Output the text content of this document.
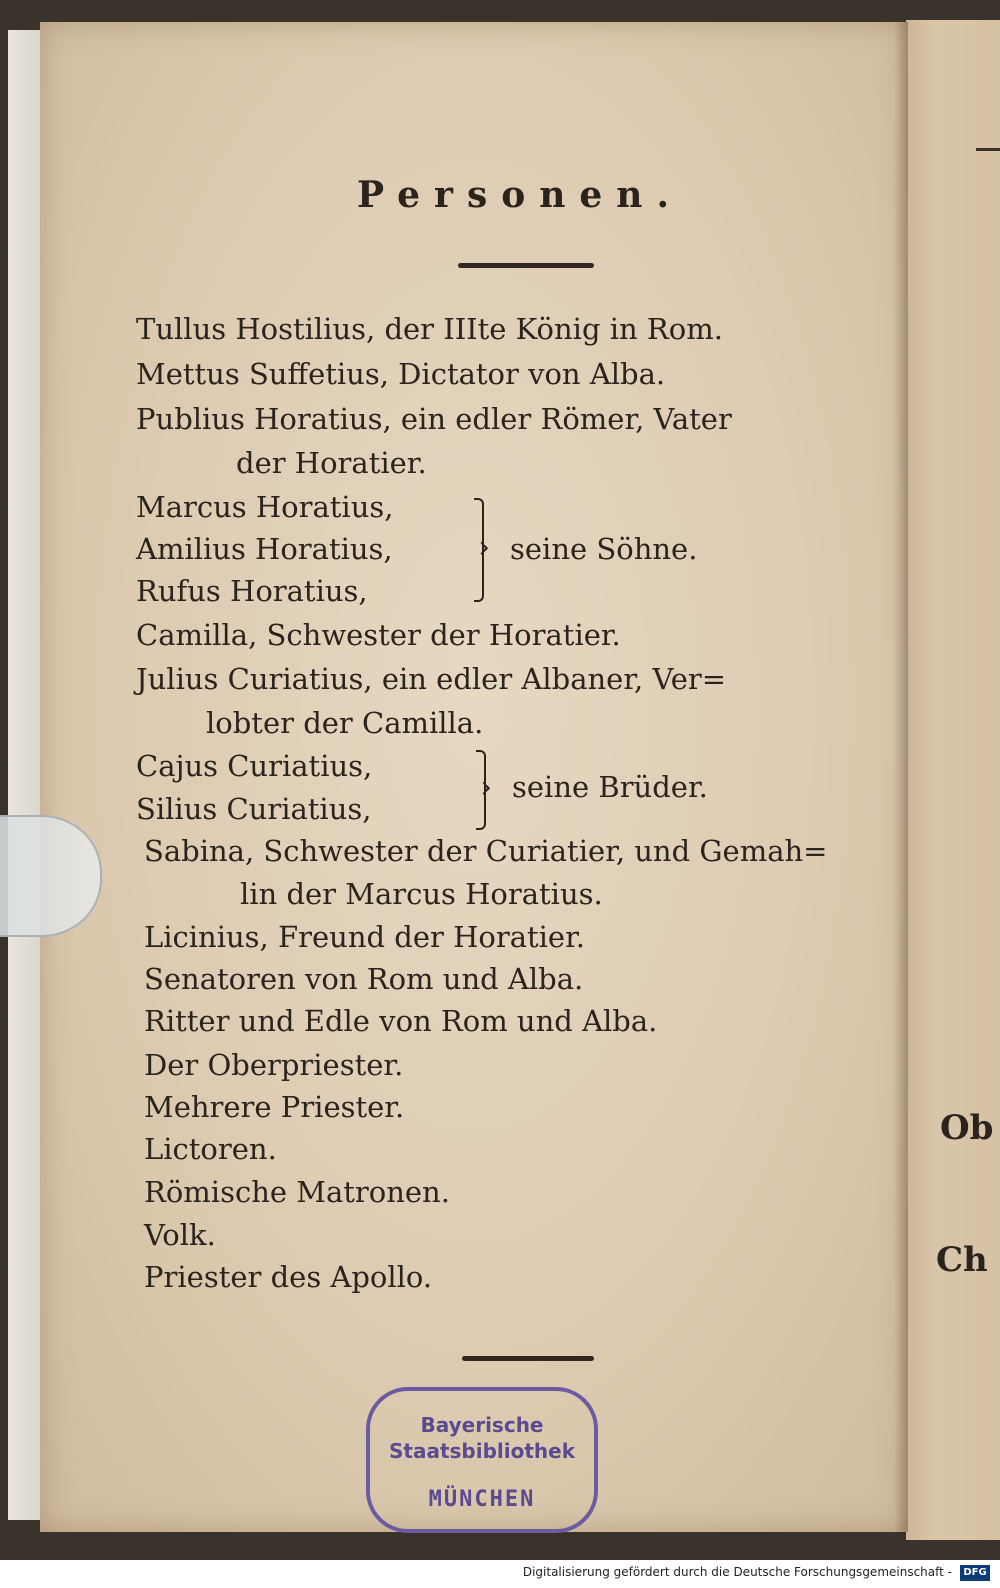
Ob
Ch
Personen.
Tullus Hostilius, der IIIte König in Rom.
Mettus Suffetius, Dictator von Alba.
Publius Horatius, ein edler Römer, Vater
der Horatier.
Marcus Horatius,
Amilius Horatius,
Rufus Horatius,
› seine Söhne.
Camilla, Schwester der Horatier.
Julius Curiatius, ein edler Albaner, Ver=
lobter der Camilla.
Cajus Curiatius,
Silius Curiatius,
› seine Brüder.
Sabina, Schwester der Curiatier, und Gemah=
lin der Marcus Horatius.
Licinius, Freund der Horatier.
Senatoren von Rom und Alba.
Ritter und Edle von Rom und Alba.
Der Oberpriester.
Mehrere Priester.
Lictoren.
Römische Matronen.
Volk.
Priester des Apollo.
Bayerische
Staatsbibliothek
MÜNCHEN
Digitalisierung gefördert durch die Deutsche Forschungsgemeinschaft -	DFG
